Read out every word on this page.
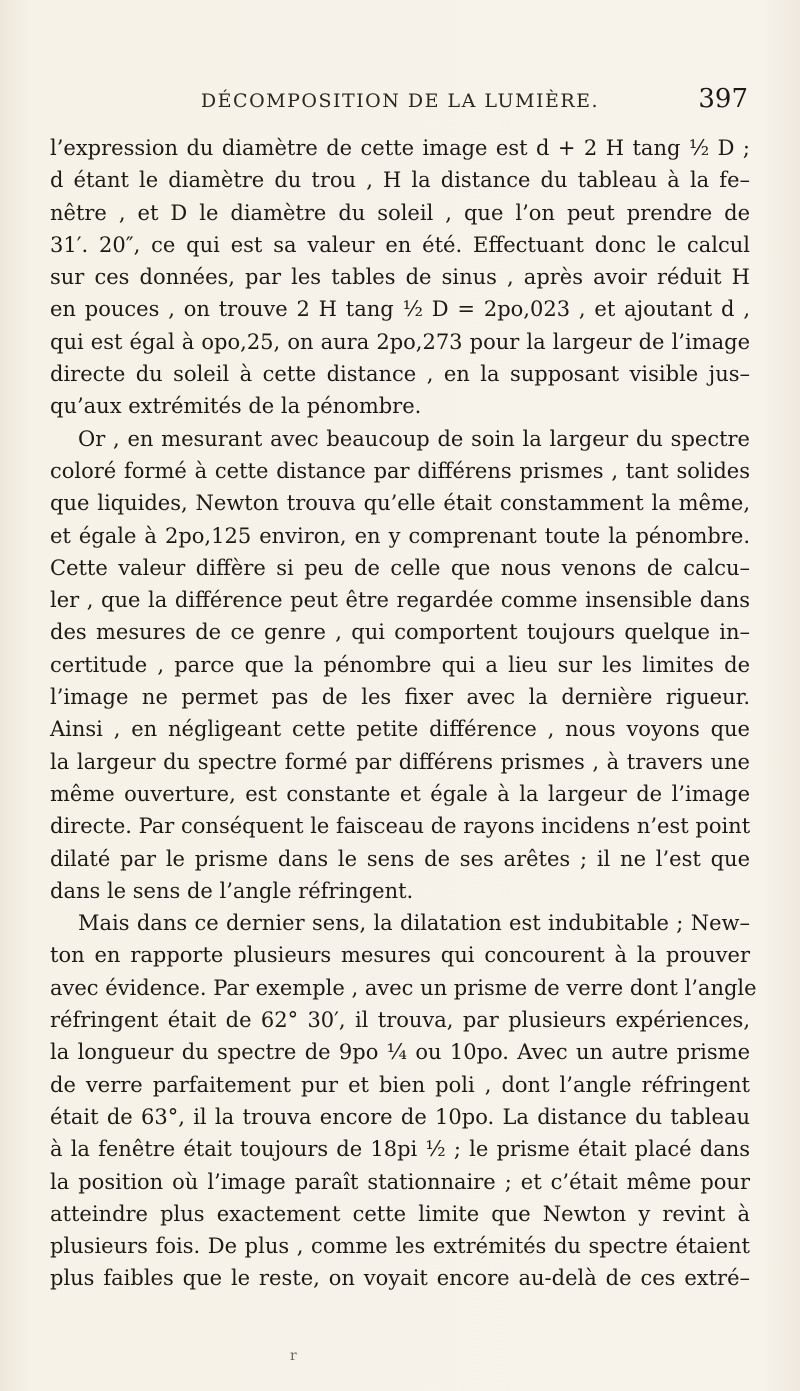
DÉCOMPOSITION DE LA LUMIÈRE.	397
l’expression du diamètre de cette image est d + 2 H tang ½ D ;
d étant le diamètre du trou , H la distance du tableau à la fe–
nêtre , et D le diamètre du soleil , que l’on peut prendre de
31′. 20″, ce qui est sa valeur en été. Effectuant donc le calcul
sur ces données, par les tables de sinus , après avoir réduit H
en pouces , on trouve 2 H tang ½ D = 2po,023 , et ajoutant d ,
qui est égal à opo,25, on aura 2po,273 pour la largeur de l’image
directe du soleil à cette distance , en la supposant visible jus–
qu’aux extrémités de la pénombre.
Or , en mesurant avec beaucoup de soin la largeur du spectre
coloré formé à cette distance par différens prismes , tant solides
que liquides, Newton trouva qu’elle était constamment la même,
et égale à 2po,125 environ, en y comprenant toute la pénombre.
Cette valeur diffère si peu de celle que nous venons de calcu–
ler , que la différence peut être regardée comme insensible dans
des mesures de ce genre , qui comportent toujours quelque in–
certitude , parce que la pénombre qui a lieu sur les limites de
l’image ne permet pas de les fixer avec la dernière rigueur.
Ainsi , en négligeant cette petite différence , nous voyons que
la largeur du spectre formé par différens prismes , à travers une
même ouverture, est constante et égale à la largeur de l’image
directe. Par conséquent le faisceau de rayons incidens n’est point
dilaté par le prisme dans le sens de ses arêtes ; il ne l’est que
dans le sens de l’angle réfringent.
Mais dans ce dernier sens, la dilatation est indubitable ; New–
ton en rapporte plusieurs mesures qui concourent à la prouver
avec évidence. Par exemple , avec un prisme de verre dont l’angle
réfringent était de 62° 30′, il trouva, par plusieurs expériences,
la longueur du spectre de 9po ¼ ou 10po. Avec un autre prisme
de verre parfaitement pur et bien poli , dont l’angle réfringent
était de 63°, il la trouva encore de 10po. La distance du tableau
à la fenêtre était toujours de 18pi ½ ; le prisme était placé dans
la position où l’image paraît stationnaire ; et c’était même pour
atteindre plus exactement cette limite que Newton y revint à
plusieurs fois. De plus , comme les extrémités du spectre étaient
plus faibles que le reste, on voyait encore au-delà de ces extré–
r
